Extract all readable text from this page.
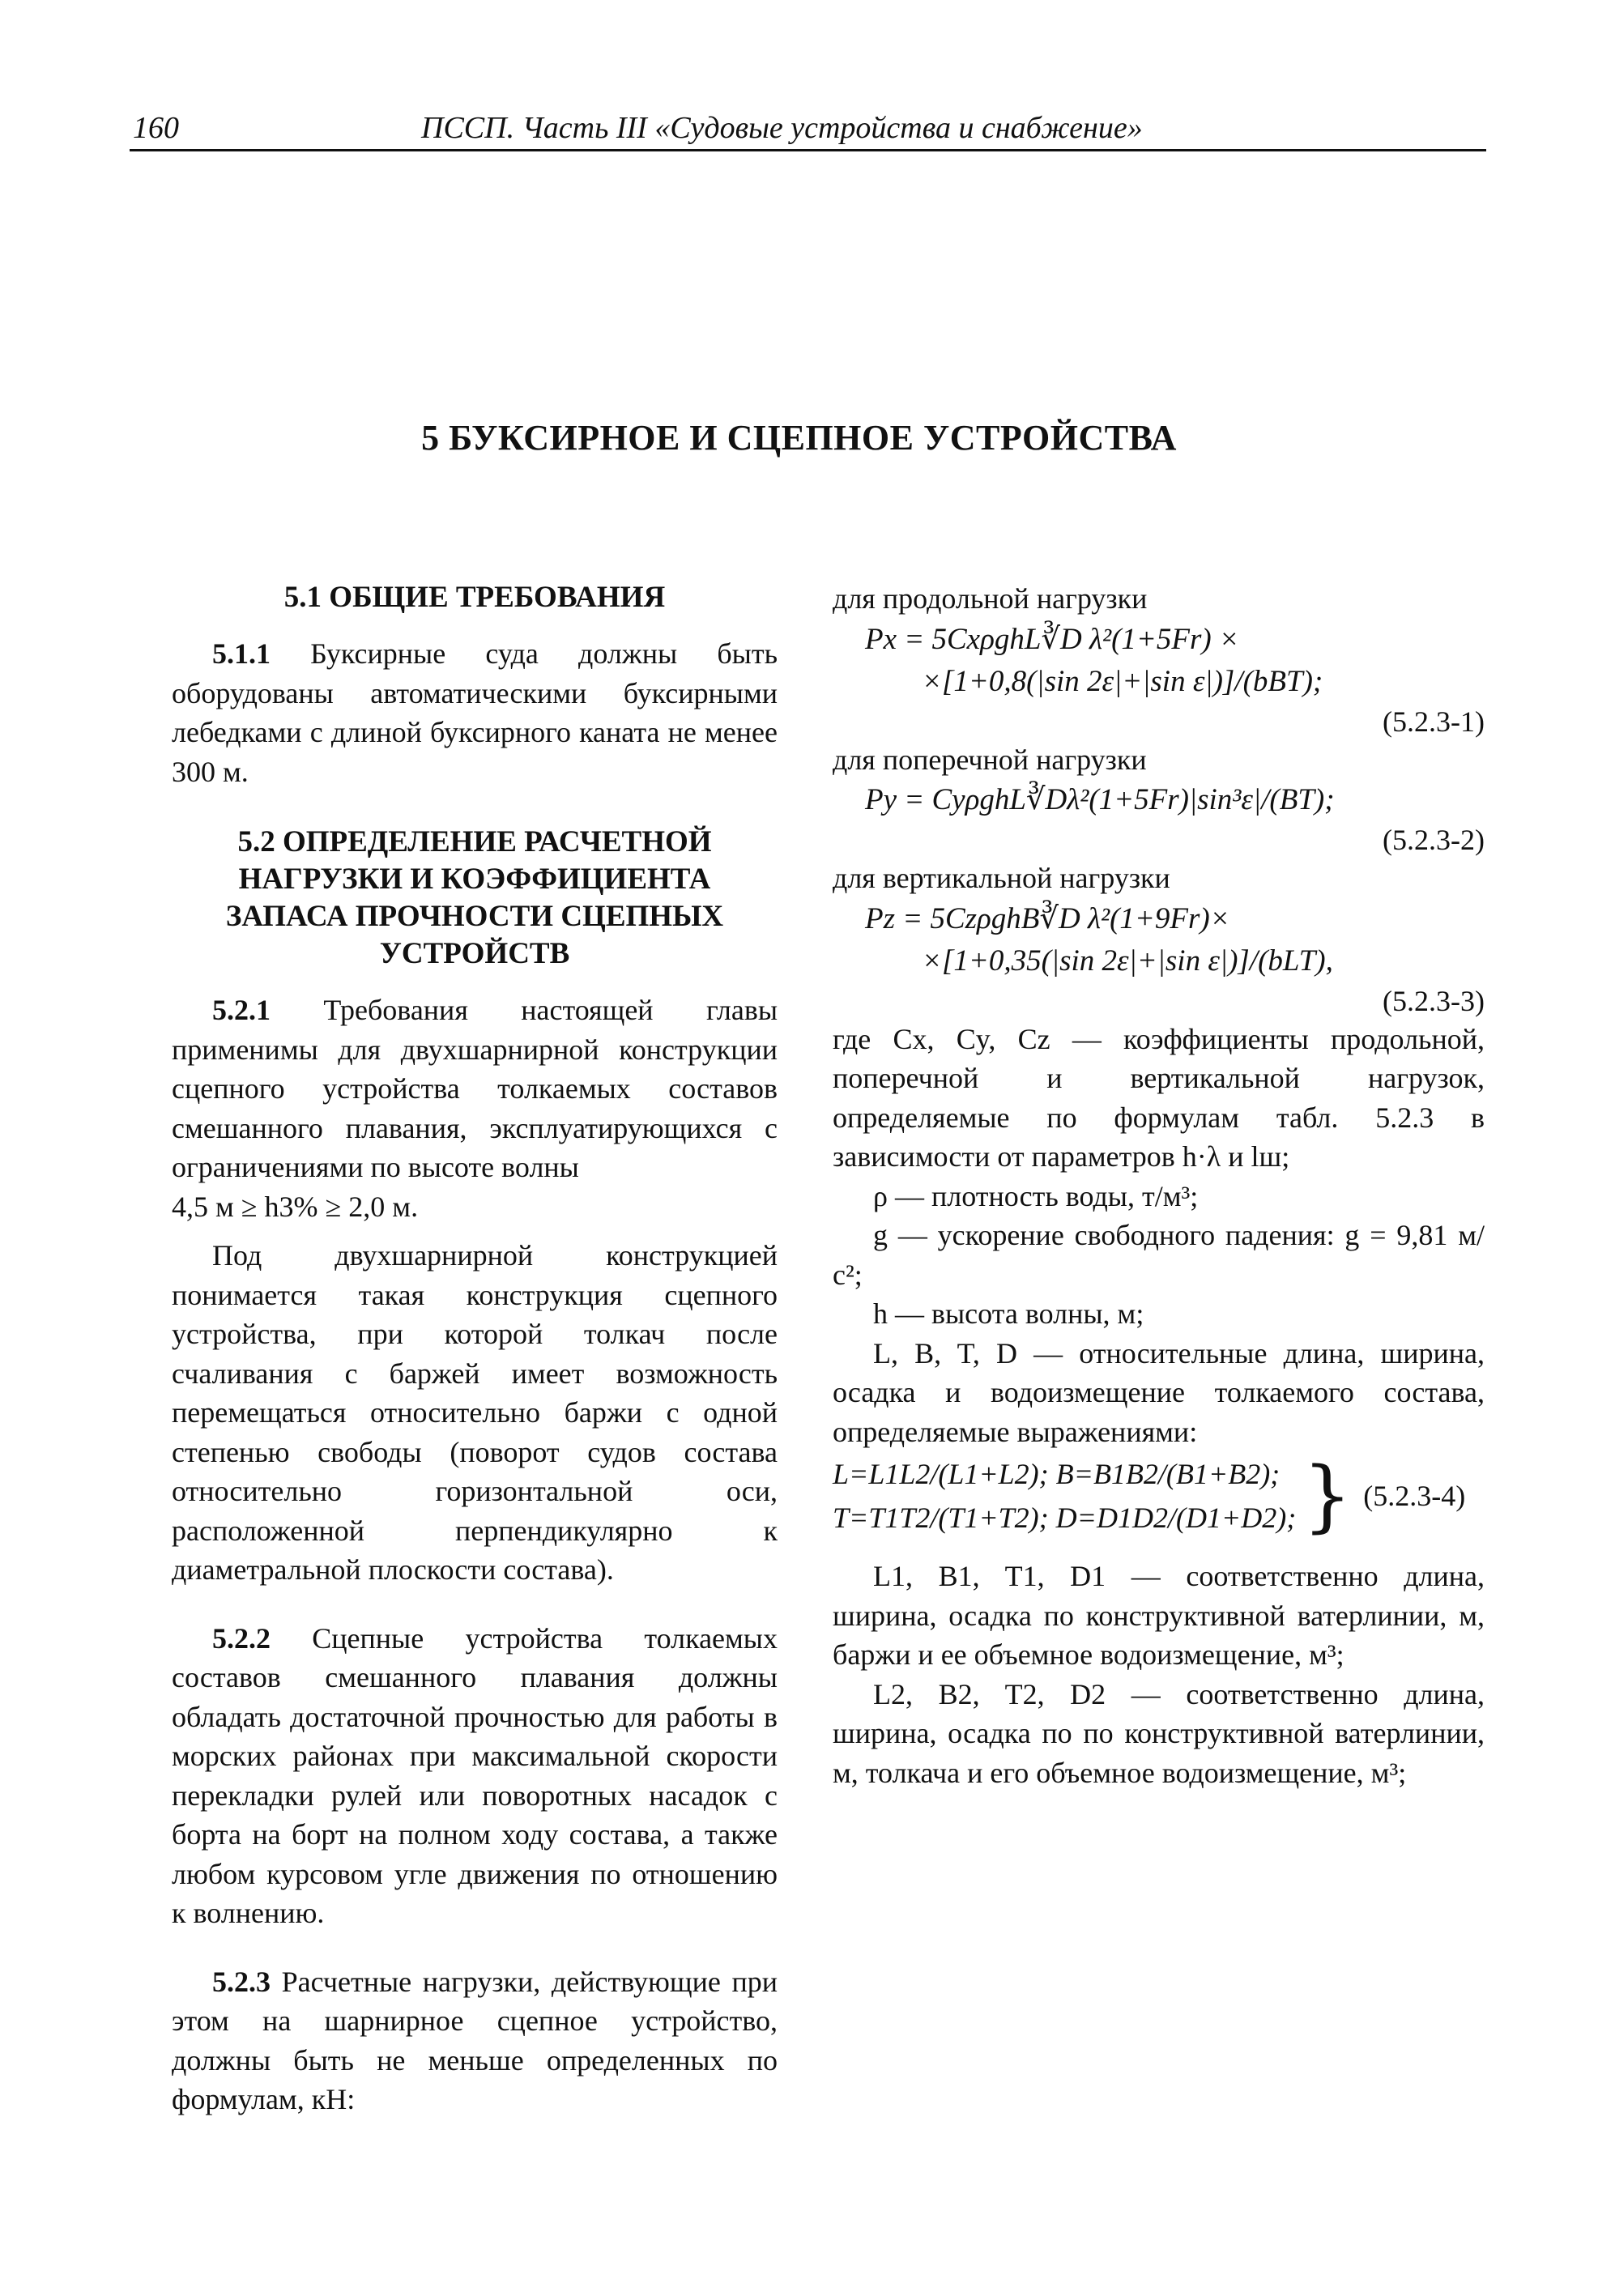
160	ПССП. Часть III «Судовые устройства и снабжение»
5 БУКСИРНОЕ И СЦЕПНОЕ УСТРОЙСТВА
5.1 ОБЩИЕ ТРЕБОВАНИЯ

5.1.1 Буксирные суда должны быть оборудованы автоматическими буксирными лебедками с длиной буксирного каната не менее 300 м.

5.2 ОПРЕДЕЛЕНИЕ РАСЧЕТНОЙ
НАГРУЗКИ И КОЭФФИЦИЕНТА
ЗАПАСА ПРОЧНОСТИ СЦЕПНЫХ
УСТРОЙСТВ

5.2.1 Требования настоящей главы применимы для двухшарнирной конструкции сцепного устройства толкаемых составов смешанного плавания, эксплуатирующихся с ограничениями по высоте волны

4,5 м ≥ h3% ≥ 2,0 м.

Под двухшарнирной конструкцией понимается такая конструкция сцепного устройства, при которой толкач после счаливания с баржей имеет возможность перемещаться относительно баржи с одной степенью свободы (поворот судов состава относительно горизонтальной оси, расположенной перпендикулярно к диаметральной плоскости состава).

5.2.2 Сцепные устройства толкаемых составов смешанного плавания должны обладать достаточной прочностью для работы в морских районах при максимальной скорости перекладки рулей или поворотных насадок с борта на борт на полном ходу состава, а также любом курсовом угле движения по отношению к волнению.

5.2.3 Расчетные нагрузки, действующие при этом на шарнирное сцепное устройство, должны быть не меньше определенных по формулам, кН:

для продольной нагрузки

Px = 5CxρghL∛D λ²(1+5Fr) ×
×[1+0,8(|sin 2ε|+|sin ε|)]/(bBT);
(5.2.3-1)

для поперечной нагрузки

Py = CyρghL∛Dλ²(1+5Fr)|sin³ε|/(BT);
(5.2.3-2)

для вертикальной нагрузки

Pz = 5CzρghB∛D λ²(1+9Fr)×
×[1+0,35(|sin 2ε|+|sin ε|)]/(bLT),
(5.2.3-3)

где Cx, Cy, Cz — коэффициенты продольной, поперечной и вертикальной нагрузок, определяемые по формулам табл. 5.2.3 в зависимости от параметров h·λ и lш;

ρ — плотность воды, т/м³;

g — ускорение свободного падения: g = 9,81 м/с²;

h — высота волны, м;

L, B, T, D — относительные длина, ширина, осадка и водоизмещение толкаемого состава, определяемые выражениями:

L=L1L2/(L1+L2); B=B1B2/(B1+B2);
T=T1T2/(T1+T2); D=D1D2/(D1+D2); } (5.2.3-4)

L1, B1, T1, D1 — соответственно длина, ширина, осадка по конструктивной ватерлинии, м, баржи и ее объемное водоизмещение, м³;

L2, B2, T2, D2 — соответственно длина, ширина, осадка по по конструктивной ватерлинии, м, толкача и его объемное водоизмещение, м³;
